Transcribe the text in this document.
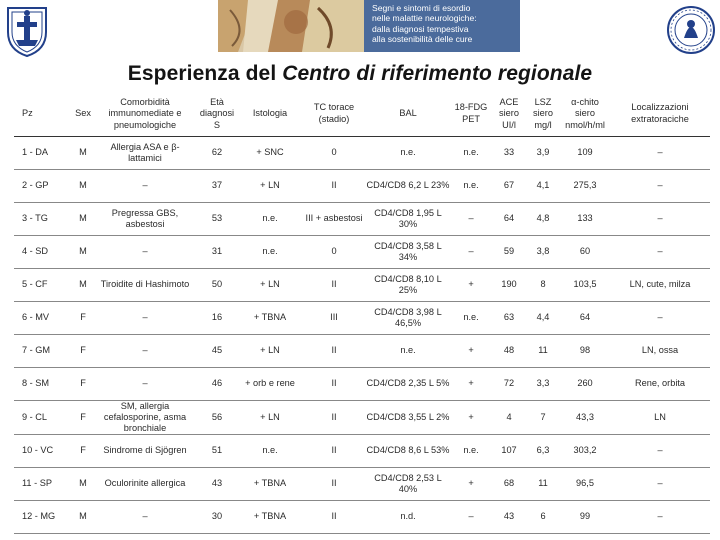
Segni e sintomi di esordio
nelle malattie neurologiche:
dalla diagnosi tempestiva
alla sostenibilità delle cure
Esperienza del Centro di riferimento regionale
Pz	Sex	Comorbidità immunomediate e pneumologiche	Età diagnosi S	Istologia	TC torace (stadio)	BAL	18-FDG PET	ACE siero UI/l	LSZ siero mg/l	α-chito siero nmol/h/ml	Localizzazioni extratoraciche
1 - DA	M	Allergia ASA e β-lattamici	62	+ SNC	0	n.e.	n.e.	33	3,9	109	–
2 - GP	M	–	37	+ LN	II	CD4/CD8 6,2 L 23%	n.e.	67	4,1	275,3	–
3 - TG	M	Pregressa GBS, asbestosi	53	n.e.	III + asbestosi	CD4/CD8 1,95 L 30%	–	64	4,8	133	–
4 - SD	M	–	31	n.e.	0	CD4/CD8 3,58 L 34%	–	59	3,8	60	–
5 - CF	M	Tiroidite di Hashimoto	50	+ LN	II	CD4/CD8 8,10 L 25%	+	190	8	103,5	LN, cute, milza
6 - MV	F	–	16	+ TBNA	III	CD4/CD8 3,98 L 46,5%	n.e.	63	4,4	64	–
7 - GM	F	–	45	+ LN	II	n.e.	+	48	11	98	LN, ossa
8 - SM	F	–	46	+ orb e rene	II	CD4/CD8 2,35 L 5%	+	72	3,3	260	Rene, orbita
9 - CL	F	SM, allergia cefalosporine, asma bronchiale	56	+ LN	II	CD4/CD8 3,55 L 2%	+	4	7	43,3	LN
10 - VC	F	Sindrome di Sjögren	51	n.e.	II	CD4/CD8 8,6 L 53%	n.e.	107	6,3	303,2	–
11 - SP	M	Oculorinite allergica	43	+ TBNA	II	CD4/CD8 2,53 L 40%	+	68	11	96,5	–
12 - MG	M	–	30	+ TBNA	II	n.d.	–	43	6	99	–
